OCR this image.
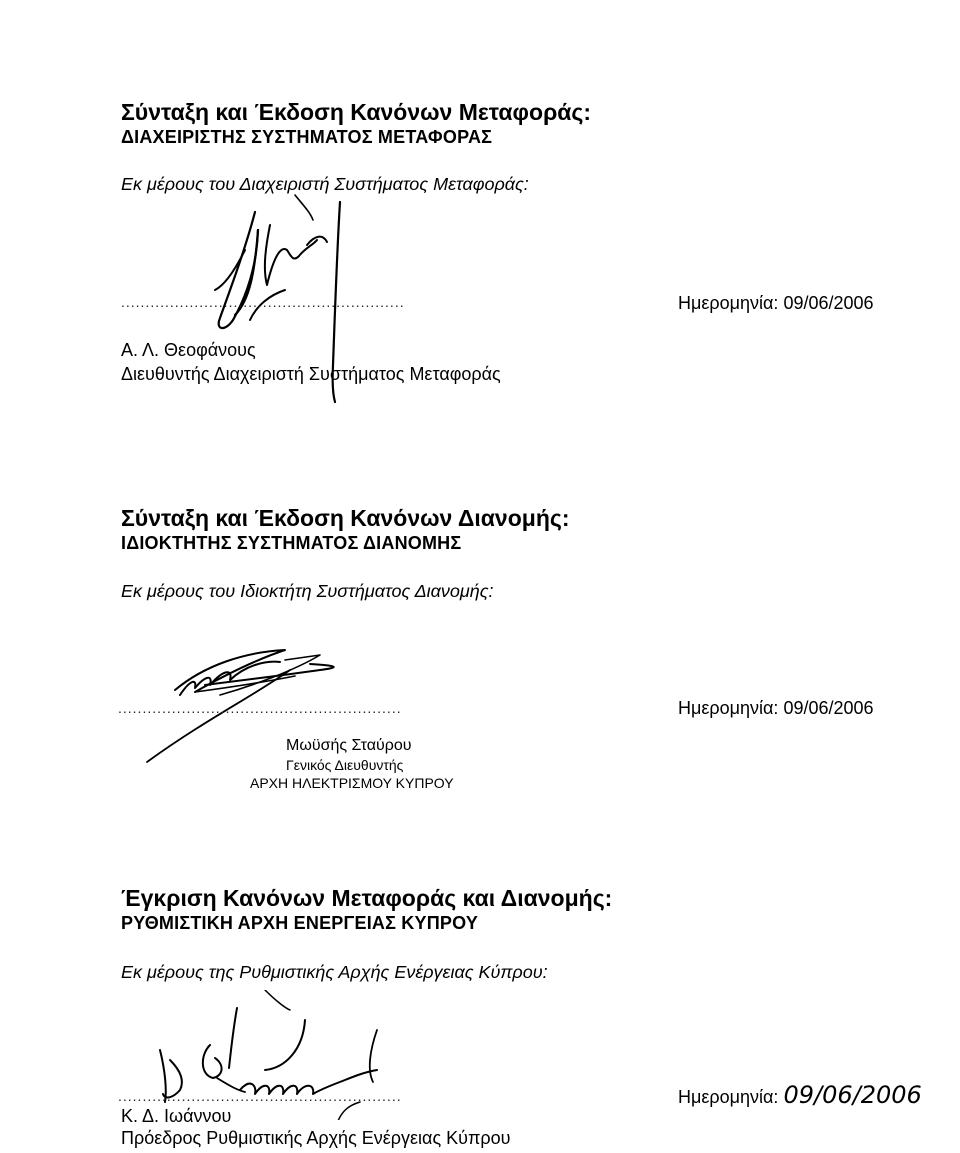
Σύνταξη και Έκδοση Κανόνων Μεταφοράς:
ΔΙΑΧΕΙΡΙΣΤΗΣ ΣΥΣΤΗΜΑΤΟΣ ΜΕΤΑΦΟΡΑΣ
Εκ μέρους του Διαχειριστή Συστήματος Μεταφοράς:
..........................................................	Ημερομηνία: 09/06/2006
Α. Λ. Θεοφάνους
Διευθυντής Διαχειριστή Συστήματος Μεταφοράς
Σύνταξη και Έκδοση Κανόνων Διανομής:
ΙΔΙΟΚΤΗΤΗΣ ΣΥΣΤΗΜΑΤΟΣ ΔΙΑΝΟΜΗΣ
Εκ μέρους του Ιδιοκτήτη Συστήματος Διανομής:
..........................................................	Ημερομηνία: 09/06/2006
Μωϋσής Σταύρου
Γενικός Διευθυντής
ΑΡΧΗ ΗΛΕΚΤΡΙΣΜΟΥ ΚΥΠΡΟΥ
Έγκριση Κανόνων Μεταφοράς και Διανομής:
ΡΥΘΜΙΣΤΙΚΗ ΑΡΧΗ ΕΝΕΡΓΕΙΑΣ ΚΥΠΡΟΥ
Εκ μέρους της Ρυθμιστικής Αρχής Ενέργειας Κύπρου:
..........................................................	Ημερομηνία: 09/06/2006
Κ. Δ. Ιωάννου
Πρόεδρος Ρυθμιστικής Αρχής Ενέργειας Κύπρου
